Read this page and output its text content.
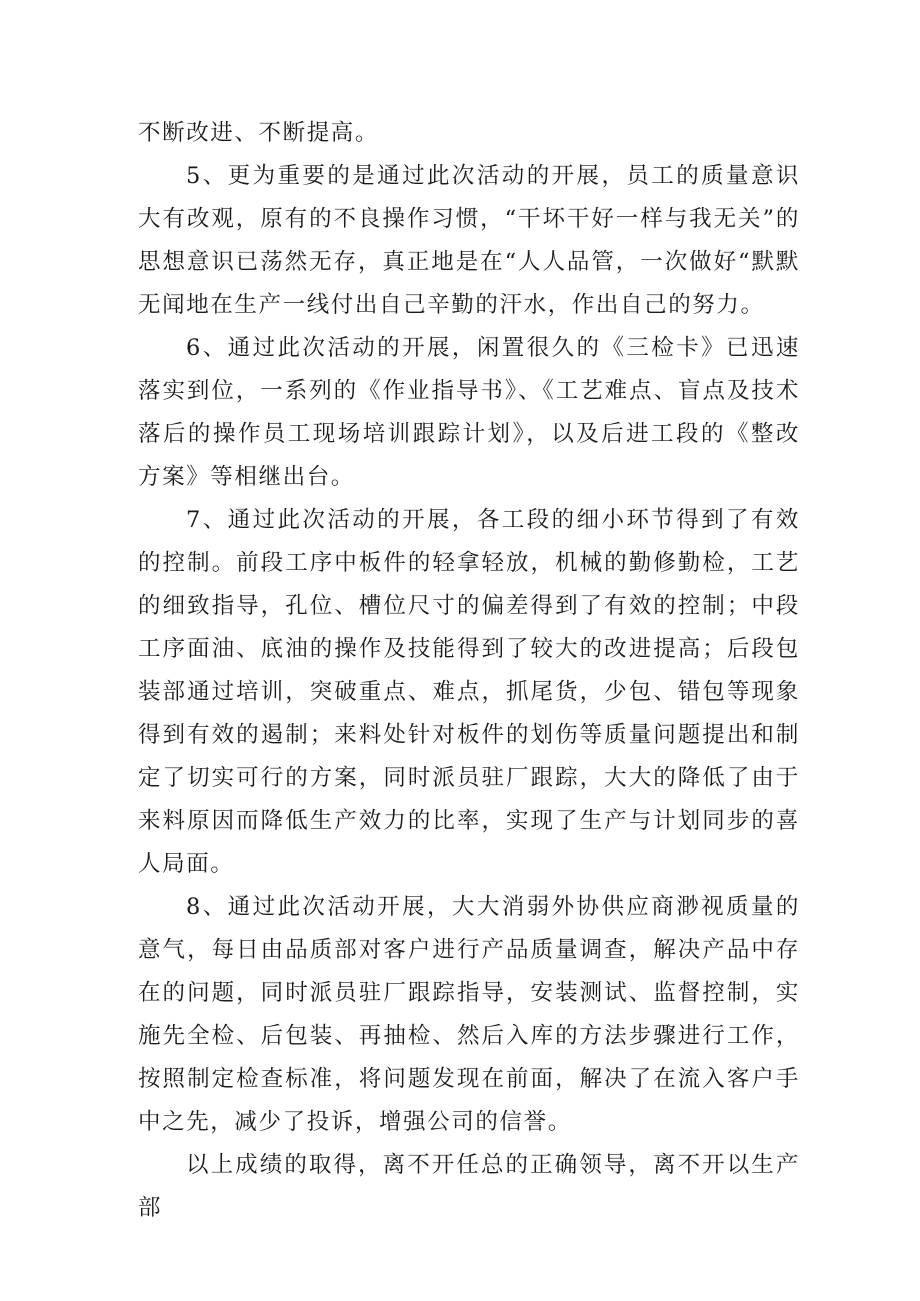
不断改进、不断提高。

5、更为重要的是通过此次活动的开展，员工的质量意识大有改观，原有的不良操作习惯，“干坏干好一样与我无关”的思想意识已荡然无存，真正地是在“人人品管，一次做好“默默无闻地在生产一线付出自己辛勤的汗水，作出自己的努力。

6、通过此次活动的开展，闲置很久的《三检卡》已迅速落实到位，一系列的《作业指导书》、《工艺难点、盲点及技术落后的操作员工现场培训跟踪计划》，以及后进工段的《整改方案》等相继出台。

7、通过此次活动的开展，各工段的细小环节得到了有效的控制。前段工序中板件的轻拿轻放，机械的勤修勤检，工艺的细致指导，孔位、槽位尺寸的偏差得到了有效的控制；中段工序面油、底油的操作及技能得到了较大的改进提高；后段包装部通过培训，突破重点、难点，抓尾货，少包、错包等现象得到有效的遏制；来料处针对板件的划伤等质量问题提出和制定了切实可行的方案，同时派员驻厂跟踪，大大的降低了由于来料原因而降低生产效力的比率，实现了生产与计划同步的喜人局面。

8、通过此次活动开展，大大消弱外协供应商渺视质量的意气，每日由品质部对客户进行产品质量调查，解决产品中存在的问题，同时派员驻厂跟踪指导，安装测试、监督控制，实施先全检、后包装、再抽检、然后入库的方法步骤进行工作，按照制定检查标准，将问题发现在前面，解决了在流入客户手中之先，减少了投诉，增强公司的信誉。

以上成绩的取得，离不开任总的正确领导，离不开以生产部
